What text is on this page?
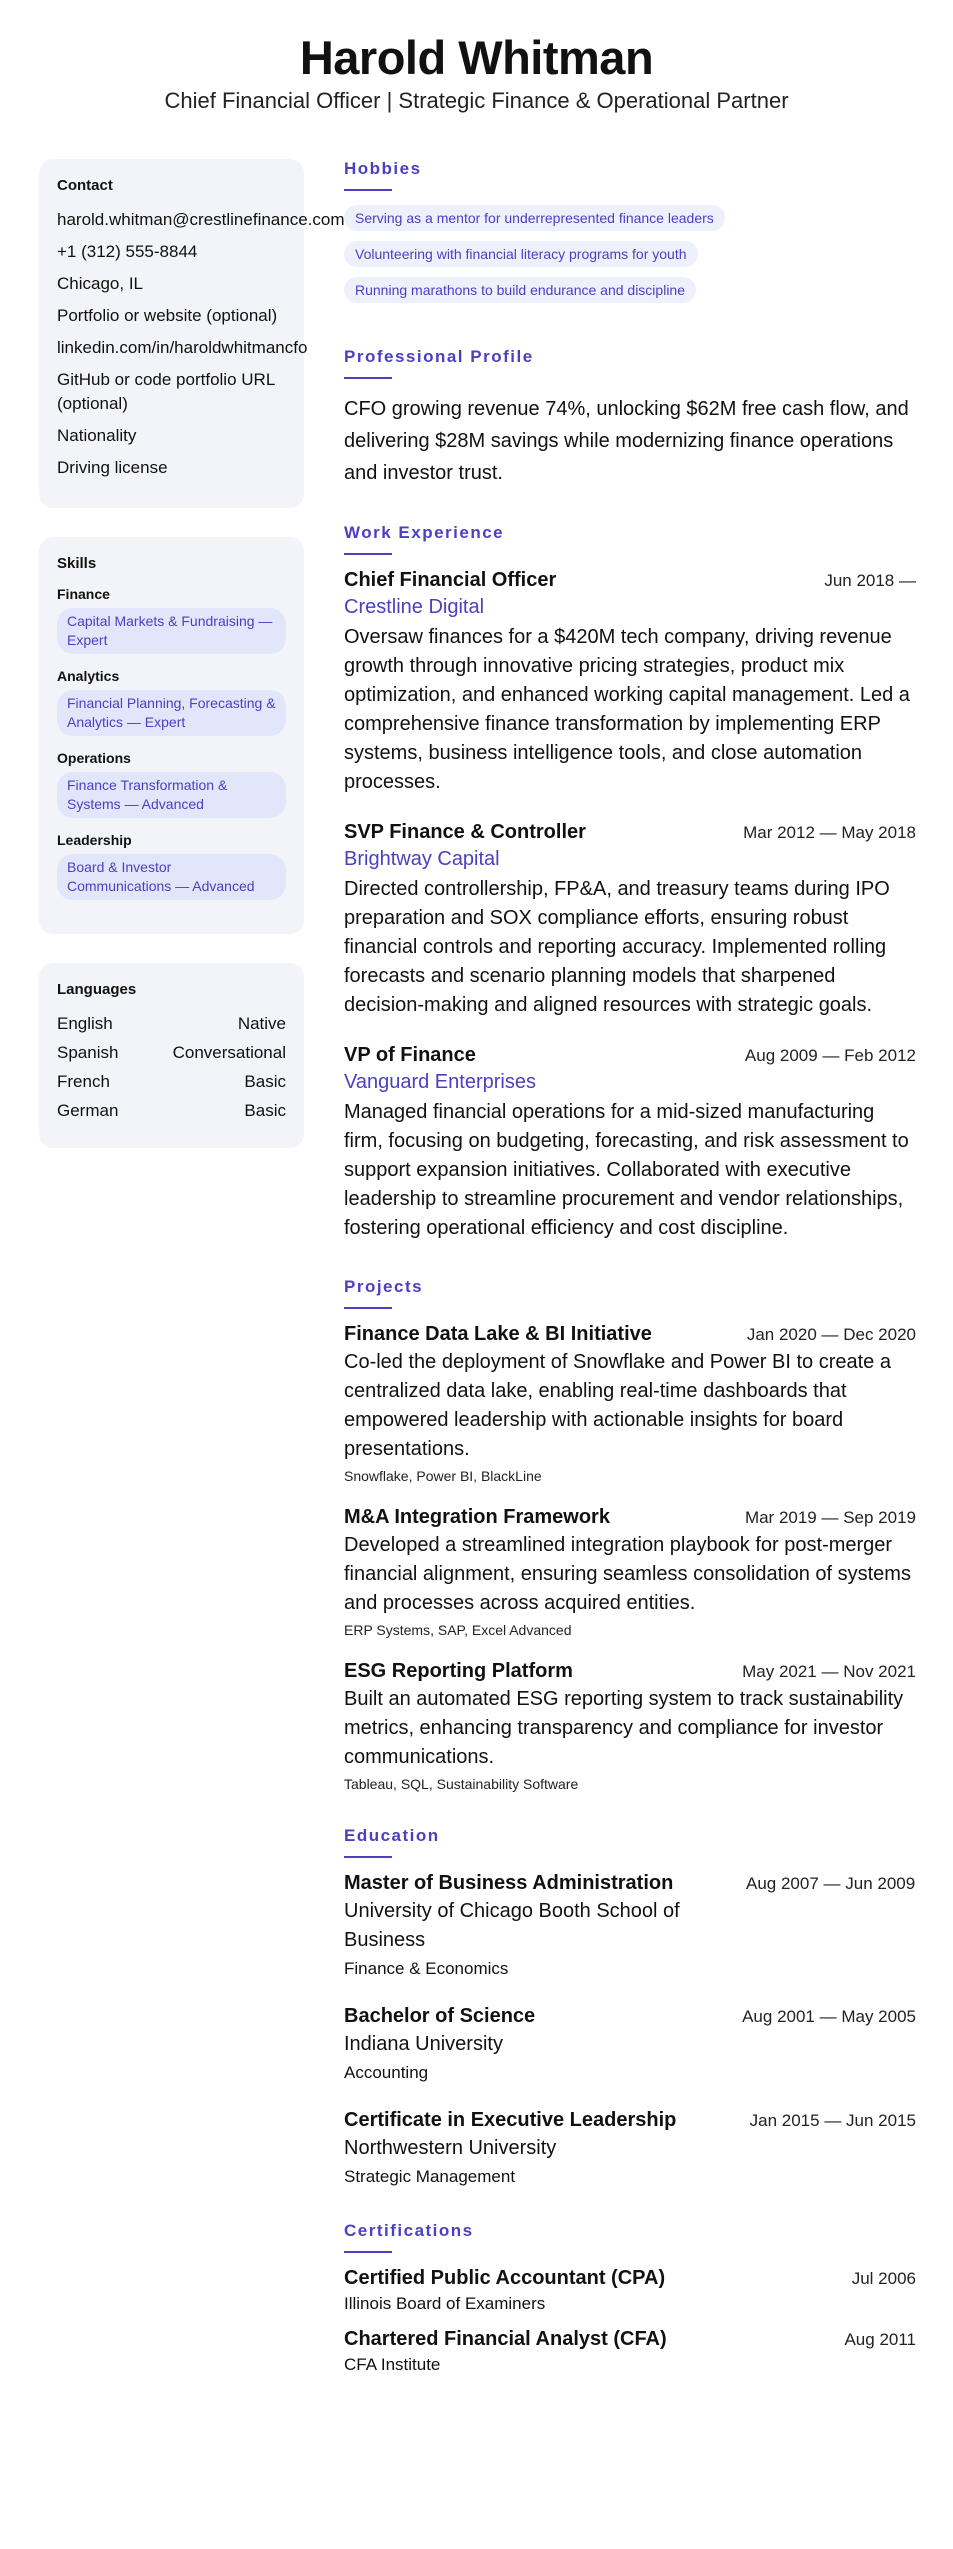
Harold Whitman
Chief Financial Officer | Strategic Finance & Operational Partner
Contact
harold.whitman@crestlinefinance.com
+1 (312) 555-8844
Chicago, IL
Portfolio or website (optional)
linkedin.com/in/haroldwhitmancfo
GitHub or code portfolio URL (optional)
Nationality
Driving license
Skills
Finance
Capital Markets & Fundraising — Expert
Analytics
Financial Planning, Forecasting & Analytics — Expert
Operations
Finance Transformation & Systems — Advanced
Leadership
Board & Investor Communications — Advanced
Languages
English	Native
Spanish	Conversational
French	Basic
German	Basic
Hobbies
Serving as a mentor for underrepresented finance leaders
Volunteering with financial literacy programs for youth
Running marathons to build endurance and discipline
Professional Profile
CFO growing revenue 74%, unlocking $62M free cash flow, and delivering $28M savings while modernizing finance operations and investor trust.
Work Experience
Chief Financial Officer	Jun 2018 —
Crestline Digital
Oversaw finances for a $420M tech company, driving revenue growth through innovative pricing strategies, product mix optimization, and enhanced working capital management. Led a comprehensive finance transformation by implementing ERP systems, business intelligence tools, and close automation processes.
SVP Finance & Controller	Mar 2012 — May 2018
Brightway Capital
Directed controllership, FP&A, and treasury teams during IPO preparation and SOX compliance efforts, ensuring robust financial controls and reporting accuracy. Implemented rolling forecasts and scenario planning models that sharpened decision-making and aligned resources with strategic goals.
VP of Finance	Aug 2009 — Feb 2012
Vanguard Enterprises
Managed financial operations for a mid-sized manufacturing firm, focusing on budgeting, forecasting, and risk assessment to support expansion initiatives. Collaborated with executive leadership to streamline procurement and vendor relationships, fostering operational efficiency and cost discipline.
Projects
Finance Data Lake & BI Initiative	Jan 2020 — Dec 2020
Co-led the deployment of Snowflake and Power BI to create a centralized data lake, enabling real-time dashboards that empowered leadership with actionable insights for board presentations.
Snowflake, Power BI, BlackLine
M&A Integration Framework	Mar 2019 — Sep 2019
Developed a streamlined integration playbook for post-merger financial alignment, ensuring seamless consolidation of systems and processes across acquired entities.
ERP Systems, SAP, Excel Advanced
ESG Reporting Platform	May 2021 — Nov 2021
Built an automated ESG reporting system to track sustainability metrics, enhancing transparency and compliance for investor communications.
Tableau, SQL, Sustainability Software
Education
Master of Business Administration
University of Chicago Booth School of Business
Finance & Economics
Aug 2007 — Jun 2009
Bachelor of Science
Indiana University
Accounting
Aug 2001 — May 2005
Certificate in Executive Leadership
Northwestern University
Strategic Management
Jan 2015 — Jun 2015
Certifications
Certified Public Accountant (CPA)	Jul 2006
Illinois Board of Examiners
Chartered Financial Analyst (CFA)	Aug 2011
CFA Institute
